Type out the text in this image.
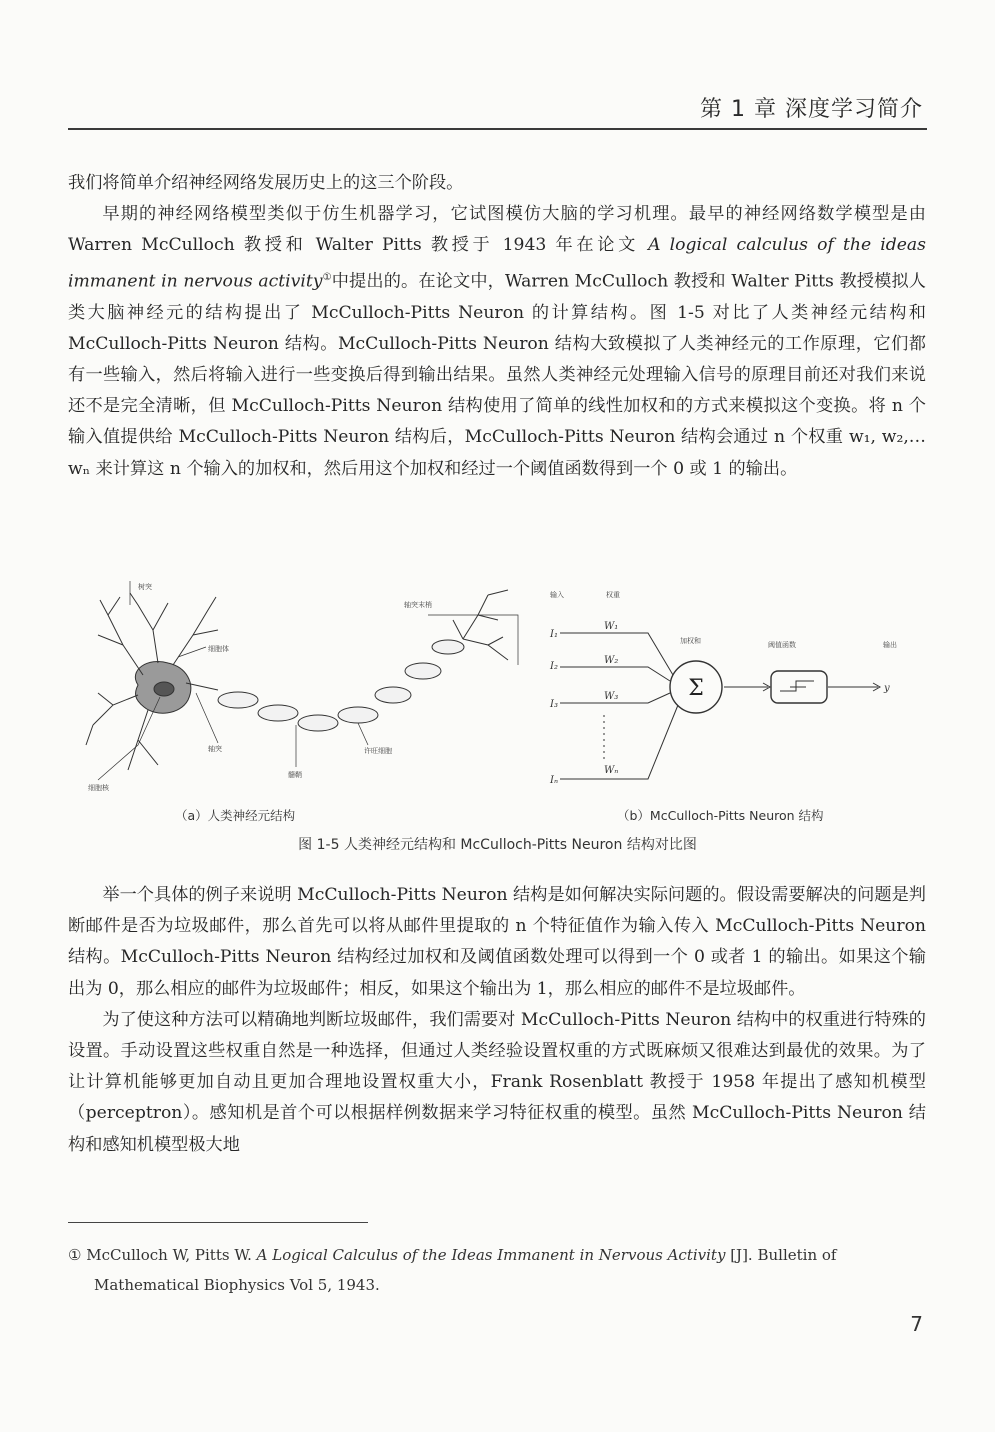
第 1 章 深度学习简介

我们将简单介绍神经网络发展历史上的这三个阶段。

早期的神经网络模型类似于仿生机器学习，它试图模仿大脑的学习机理。最早的神经网络数学模型是由 Warren McCulloch 教授和 Walter Pitts 教授于 1943 年在论文 A logical calculus of the ideas immanent in nervous activity①中提出的。在论文中，Warren McCulloch 教授和 Walter Pitts 教授模拟人类大脑神经元的结构提出了 McCulloch-Pitts Neuron 的计算结构。图 1-5 对比了人类神经元结构和 McCulloch-Pitts Neuron 结构。McCulloch-Pitts Neuron 结构大致模拟了人类神经元的工作原理，它们都有一些输入，然后将输入进行一些变换后得到输出结果。虽然人类神经元处理输入信号的原理目前还对我们来说还不是完全清晰，但 McCulloch-Pitts Neuron 结构使用了简单的线性加权和的方式来模拟这个变换。将 n 个输入值提供给 McCulloch-Pitts Neuron 结构后，McCulloch-Pitts Neuron 结构会通过 n 个权重 w₁, w₂,…wₙ 来计算这 n 个输入的加权和，然后用这个加权和经过一个阈值函数得到一个 0 或 1 的输出。

树突
细胞体
轴突末梢
细胞核
轴突
髓鞘
许旺细胞
输入	权重
加权和	阈值函数	输出
I₁
I₂
I₃
Iₙ
W₁
W₂
W₃
Wₙ
Σ	y
（a）人类神经元结构	（b）McCulloch-Pitts Neuron 结构
图 1-5 人类神经元结构和 McCulloch-Pitts Neuron 结构对比图

举一个具体的例子来说明 McCulloch-Pitts Neuron 结构是如何解决实际问题的。假设需要解决的问题是判断邮件是否为垃圾邮件，那么首先可以将从邮件里提取的 n 个特征值作为输入传入 McCulloch-Pitts Neuron 结构。McCulloch-Pitts Neuron 结构经过加权和及阈值函数处理可以得到一个 0 或者 1 的输出。如果这个输出为 0，那么相应的邮件为垃圾邮件；相反，如果这个输出为 1，那么相应的邮件不是垃圾邮件。

为了使这种方法可以精确地判断垃圾邮件，我们需要对 McCulloch-Pitts Neuron 结构中的权重进行特殊的设置。手动设置这些权重自然是一种选择，但通过人类经验设置权重的方式既麻烦又很难达到最优的效果。为了让计算机能够更加自动且更加合理地设置权重大小，Frank Rosenblatt 教授于 1958 年提出了感知机模型（perceptron）。感知机是首个可以根据样例数据来学习特征权重的模型。虽然 McCulloch-Pitts Neuron 结构和感知机模型极大地

① McCulloch W, Pitts W. A Logical Calculus of the Ideas Immanent in Nervous Activity [J]. Bulletin of
Mathematical Biophysics Vol 5, 1943.
7
